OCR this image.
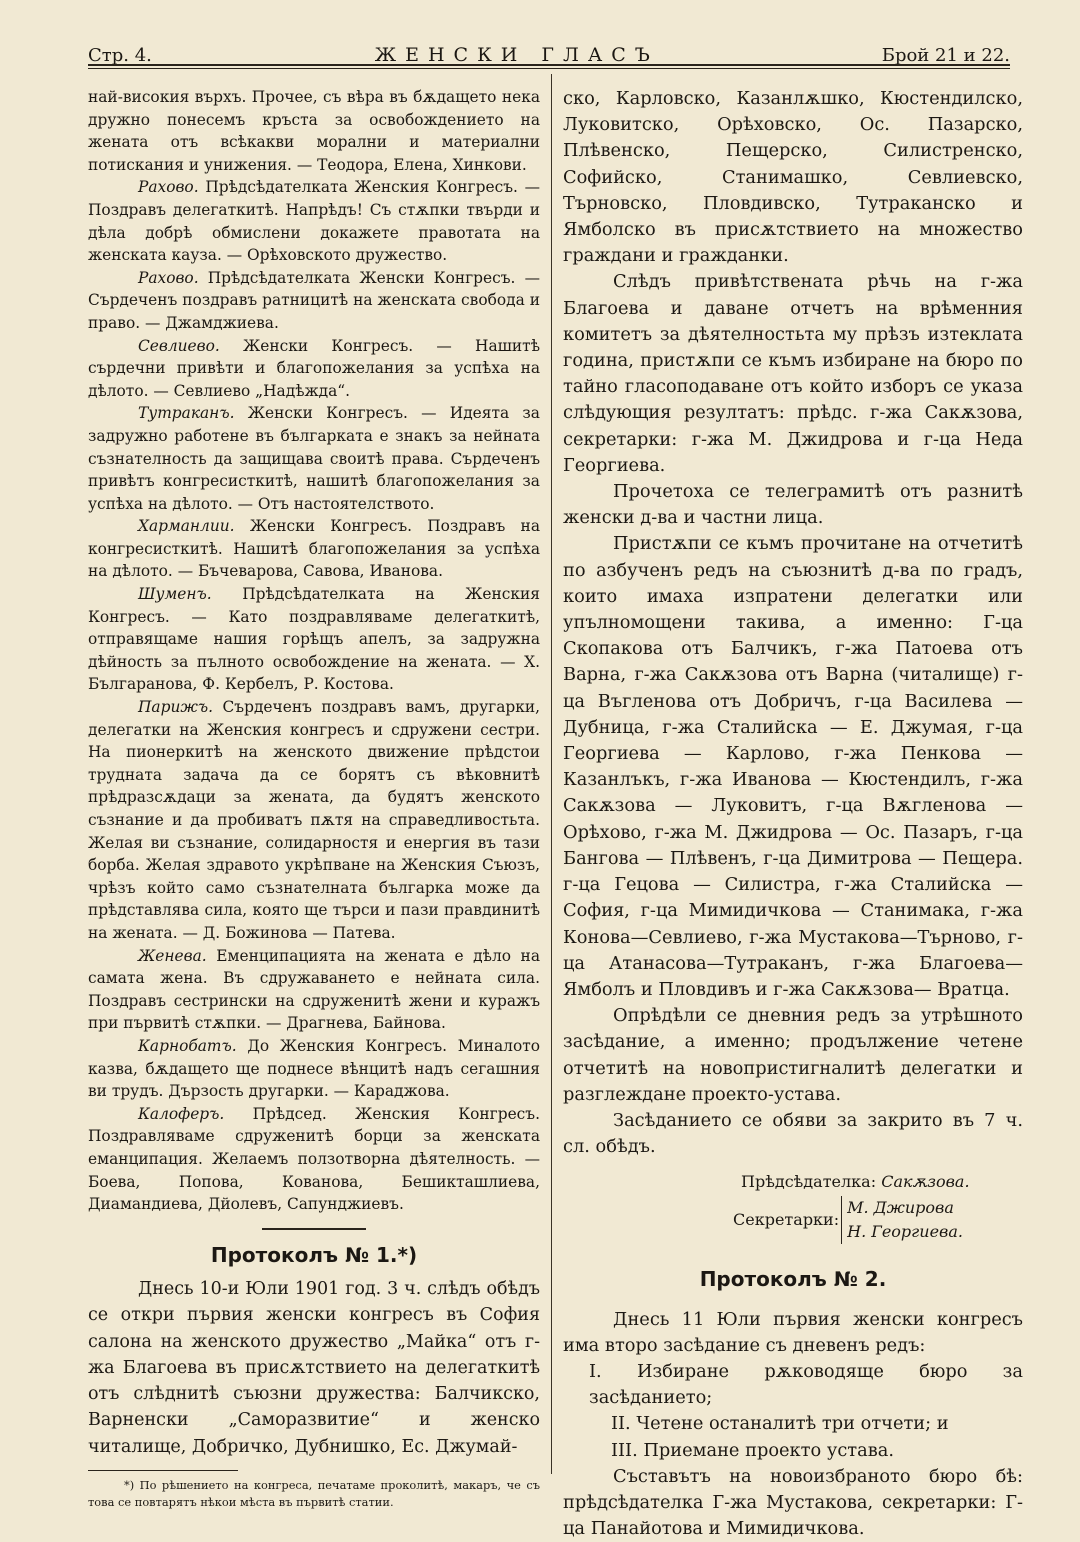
Стр. 4.	ЖЕНСКИ ГЛАСЪ	Брой 21 и 22.

най-високия върхъ. Прочее, съ вѣра въ бѫдащето нека дружно понесемъ кръста за освобождението на жената отъ всѣкакви морални и материални потискания и унижения. — Теодора, Елена, Хинкови.

Рахово. Прѣдсѣдателката Женския Конгресъ. — Поздравъ делегаткитѣ. Напрѣдъ! Съ стѫпки твърди и дѣла добрѣ обмислени докажете правотата на женската кауза. — Орѣховското дружество.

Рахово. Прѣдсѣдателката Женски Конгресъ. — Сърдеченъ поздравъ ратницитѣ на женската свобода и право. — Джамджиева.

Севлиево. Женски Конгресъ. — Нашитѣ сърдечни привѣти и благопожелания за успѣха на дѣлото. — Севлиево „Надѣжда“.

Тутраканъ. Женски Конгресъ. — Идеята за задружно работене въ българката е знакъ за нейната съзнателность да защищава своитѣ права. Сърдеченъ привѣтъ конгресисткитѣ, нашитѣ благопожелания за успѣха на дѣлото. — Отъ настоятелството.

Харманлии. Женски Конгресъ. Поздравъ на конгресисткитѣ. Нашитѣ благопожелания за успѣха на дѣлото. — Бъчеварова, Савова, Иванова.

Шуменъ. Прѣдсѣдателката на Женския Конгресъ. — Като поздравляваме делегаткитѣ, отправящаме нашия горѣщъ апелъ, за задружна дѣйность за пълното освобождение на жената. — Х. Българанова, Ф. Кербелъ, Р. Костова.

Парижъ. Сърдеченъ поздравъ вамъ, другарки, делегатки на Женския конгресъ и сдружени сестри. На пионеркитѣ на женското движение прѣдстои трудната задача да се борятъ съ вѣковнитѣ прѣдразсѫдаци за жената, да будятъ женското съзнание и да пробиватъ пѫтя на справедливостьта. Желая ви съзнание, солидарностя и енергия въ тази борба. Желая здравото укрѣпване на Женския Съюзъ, чрѣзъ който само съзнателната българка може да прѣдставлява сила, която ще търси и пази правдинитѣ на жената. — Д. Божинова — Патева.

Женева. Еменципацията на жената е дѣло на самата жена. Въ сдружаването е нейната сила. Поздравъ сестрински на сдруженитѣ жени и куражъ при първитѣ стѫпки. — Драгнева, Байнова.

Карнобатъ. До Женския Конгресъ. Миналото казва, бѫдащето ще поднесе вѣнцитѣ надъ сегашния ви трудъ. Дързость другарки. — Караджова.

Калоферъ. Прѣдсед. Женския Конгресъ. Поздравляваме сдруженитѣ борци за женската еманципация. Желаемъ ползотворна дѣятелность. — Боева, Попова, Кованова, Бешикташлиева, Диамандиева, Дйолевъ, Сапунджиевъ.

Протоколъ № 1.*)

Днесь 10-и Юли 1901 год. 3 ч. слѣдъ обѣдъ се откри първия женски конгресъ въ София салона на женското дружество „Майка“ отъ г-жа Благоева въ присѫтствието на делегаткитѣ отъ слѣднитѣ съюзни дружества: Балчикско, Варненски „Саморазвитие“ и женско читалище, Добричко, Дубнишко, Ес. Джумай-

*) По рѣшението на конгреса, печатаме проколитѣ, макаръ, че съ това се повтарятъ нѣкои мѣста въ първитѣ статии.

ско, Карловско, Казанлѫшко, Кюстендилско, Луковитско, Орѣховско, Ос. Пазарско, Плѣвенско, Пещерско, Силистренско, Софийско, Станимашко, Севлиевско, Търновско, Пловдивско, Тутраканско и Ямболско въ присѫтствието на множество граждани и гражданки.

Слѣдъ привѣтствената рѣчь на г-жа Благоева и даване отчетъ на врѣменния комитетъ за дѣятелностьта му прѣзъ изтеклата година, пристѫпи се къмъ избиране на бюро по тайно гласоподаване отъ който изборъ се указа слѣдующия резултатъ: прѣдс. г-жа Сакѫзова, секретарки: г-жа М. Джидрова и г-ца Неда Георгиева.

Прочетоха се телеграмитѣ отъ разнитѣ женски д-ва и частни лица.

Пристѫпи се къмъ прочитане на отчетитѣ по азбученъ редъ на съюзнитѣ д-ва по градъ, които имаха изпратени делегатки или упълномощени такива, а именно: Г-ца Скопакова отъ Балчикъ, г-жа Патоева отъ Варна, г-жа Сакѫзова отъ Варна (читалище) г-ца Въгленова отъ Добричъ, г-ца Василева — Дубница, г-жа Сталийска — Е. Джумая, г-ца Георгиева — Карлово, г-жа Пенкова — Казанлъкъ, г-жа Иванова — Кюстендилъ, г-жа Сакѫзова — Луковитъ, г-ца Вѫгленова — Орѣхово, г-жа М. Джидрова — Ос. Пазаръ, г-ца Бангова — Плѣвенъ, г-ца Димитрова — Пещера. г-ца Гецова — Силистра, г-жа Сталийска — София, г-ца Мимидичкова — Станимака, г-жа Конова—Севлиево, г-жа Мустакова—Търново, г-ца Атанасова—Тутраканъ, г-жа Благоева—Ямболъ и Пловдивъ и г-жа Сакѫзова— Вратца.

Опрѣдѣли се дневния редъ за утрѣшното засѣдание, а именно; продължение четене отчетитѣ на новопристигналитѣ делегатки и разглеждане проекто-устава.

Засѣданието се обяви за закрито въ 7 ч. сл. обѣдъ.

Прѣдсѣдателка: Сакѫзова.
Секретарки:
М. Джирова
Н. Георгиева.
Протоколъ № 2.

Днесь 11 Юли първия женски конгресъ има второ засѣдание съ дневенъ редъ:

I. Избиране рѫководяще бюро за засѣданието;

II. Четене останалитѣ три отчети; и

III. Приемане проекто устава.

Съставътъ на новоизбраното бюро бѣ: прѣдсѣдателка Г-жа Мустакова, секретарки: Г-ца Панайотова и Мимидичкова.
